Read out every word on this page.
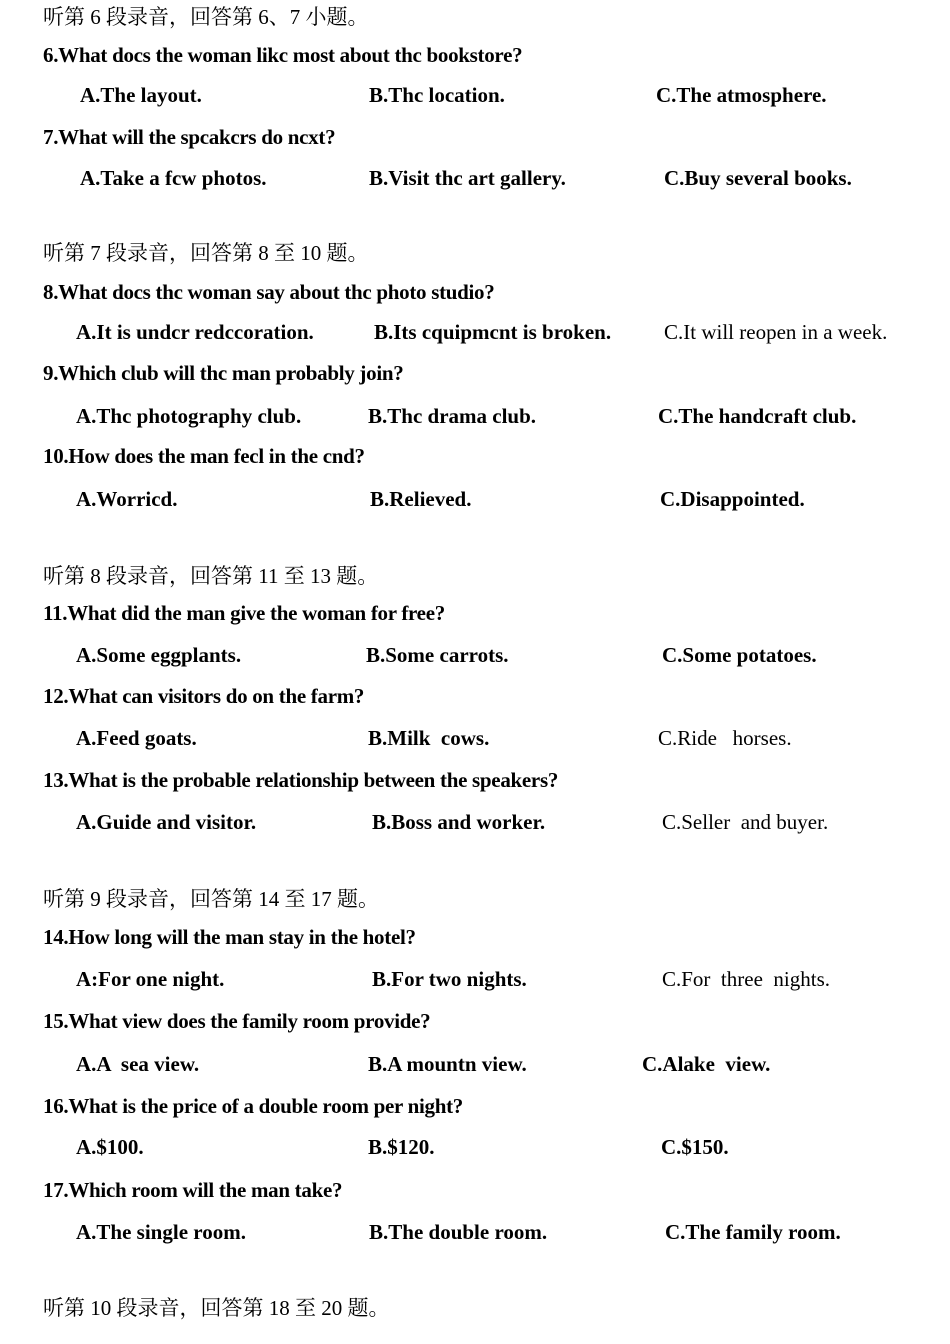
听第 6 段录音，回答第 6、7 小题。
6.What docs the woman likc most about thc bookstore?
A.The layout.	B.Thc location.	C.The atmosphere.
7.What will the spcakcrs do ncxt?
A.Take a fcw photos.	B.Visit thc art gallery.	C.Buy several books.
听第 7 段录音，回答第 8 至 10 题。
8.What docs thc woman say about thc photo studio?
A.It is undcr redccoration.	B.Its cquipmcnt is broken.	C.It will reopen in a week.
9.Which club will thc man probably join?
A.Thc photography club.	B.Thc drama club.	C.The handcraft club.
10.How does the man fecl in the cnd?
A.Worricd.	B.Relieved.	C.Disappointed.
听第 8 段录音，回答第 11 至 13 题。
11.What did the man give the woman for free?
A.Some eggplants.	B.Some carrots.	C.Some potatoes.
12.What can visitors do on the farm?
A.Feed goats.	B.Milk  cows.	C.Ride   horses.
13.What is the probable relationship between the speakers?
A.Guide and visitor.	B.Boss and worker.	C.Seller  and buyer.
听第 9 段录音，回答第 14 至 17 题。
14.How long will the man stay in the hotel?
A:For one night.	B.For two nights.	C.For  three  nights.
15.What view does the family room provide?
A.A  sea view.	B.A mountn view.	C.Alake  view.
16.What is the price of a double room per night?
A.$100.	B.$120.	C.$150.
17.Which room will the man take?
A.The single room.	B.The double room.	C.The family room.
听第 10 段录音，回答第 18 至 20 题。
